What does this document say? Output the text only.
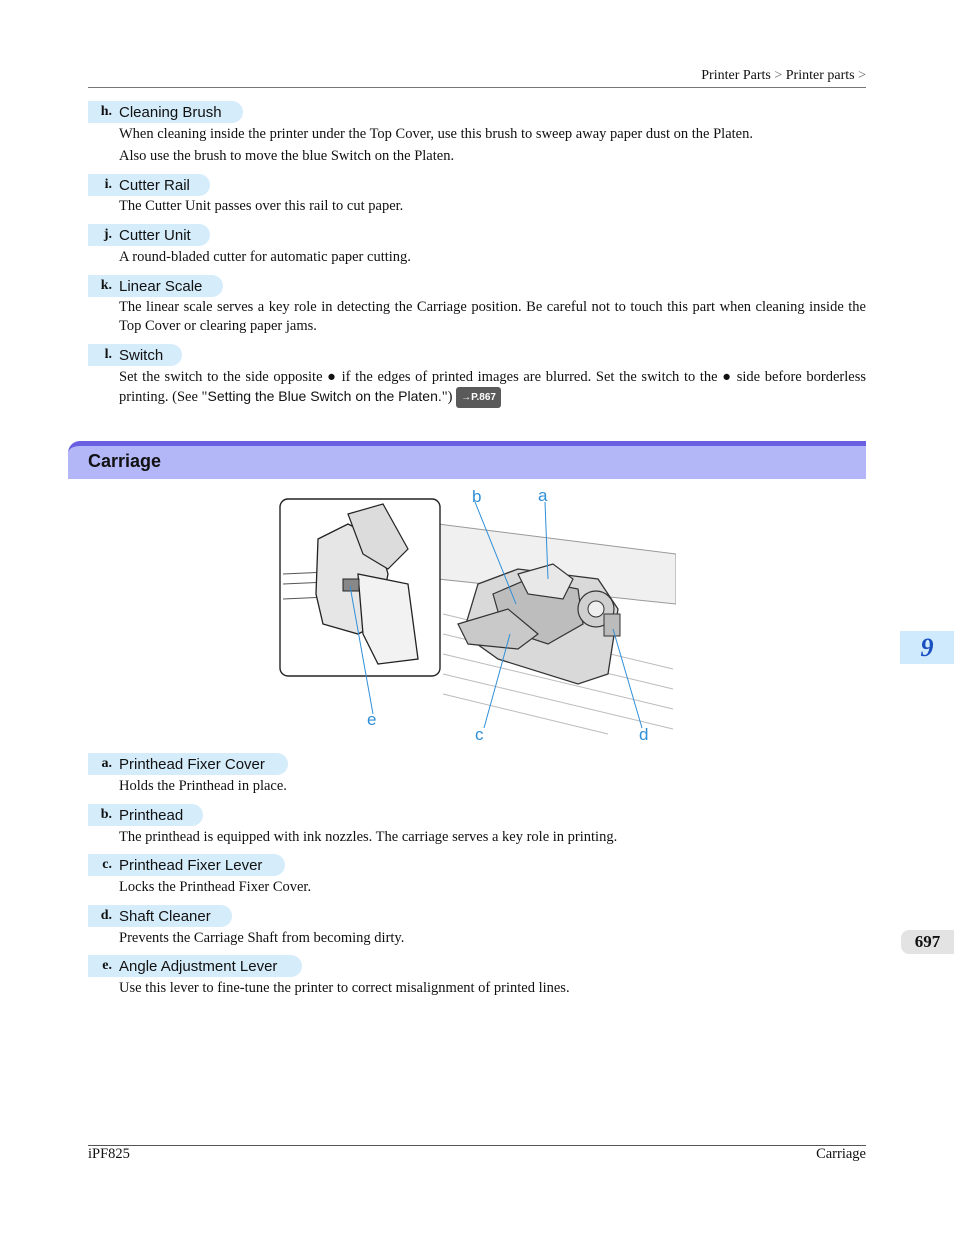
Printer Parts > Printer parts >
h. Cleaning Brush
When cleaning inside the printer under the Top Cover, use this brush to sweep away paper dust on the Platen.
Also use the brush to move the blue Switch on the Platen.
i. Cutter Rail
The Cutter Unit passes over this rail to cut paper.
j. Cutter Unit
A round-bladed cutter for automatic paper cutting.
k. Linear Scale
The linear scale serves a key role in detecting the Carriage position. Be careful not to touch this part when cleaning inside the Top Cover or clearing paper jams.
l. Switch
Set the switch to the side opposite ● if the edges of printed images are blurred. Set the switch to the ● side before borderless printing. (See "Setting the Blue Switch on the Platen.") →P.867
Carriage
b	a
e
c	d
a. Printhead Fixer Cover
Holds the Printhead in place.
b. Printhead
The printhead is equipped with ink nozzles. The carriage serves a key role in printing.
c. Printhead Fixer Lever
Locks the Printhead Fixer Cover.
d. Shaft Cleaner
Prevents the Carriage Shaft from becoming dirty.
e. Angle Adjustment Lever
Use this lever to fine-tune the printer to correct misalignment of printed lines.
9
697
iPF825	Carriage
